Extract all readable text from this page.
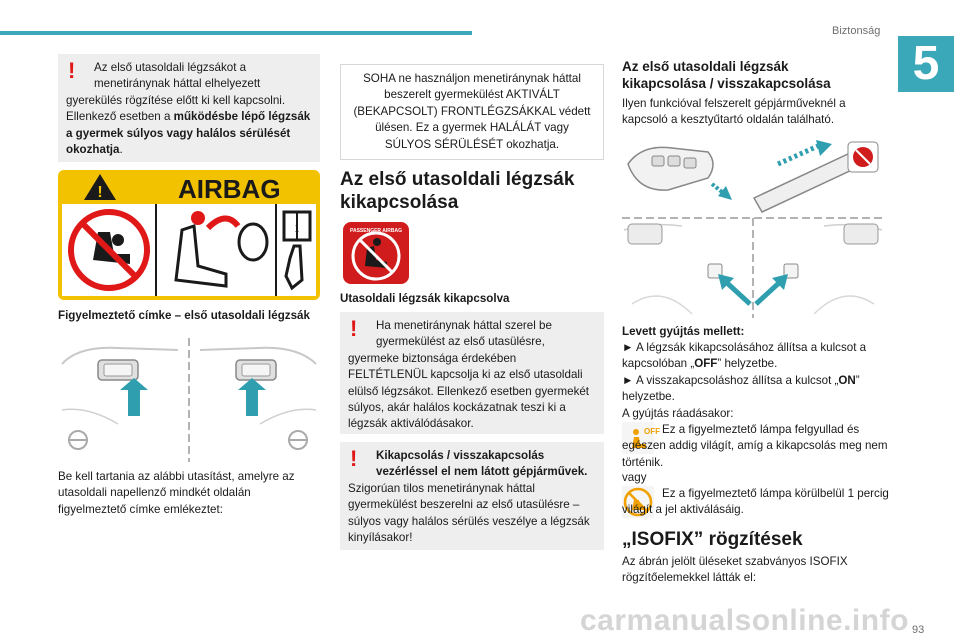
Biztonság
5
!	Az első utasoldali légzsákot a
menetiránynak háttal elhelyezett
gyerekülés rögzítése előtt ki kell kapcsolni. Ellenkező esetben a működésbe lépő légzsák a gyermek súlyos vagy halálos sérülését okozhatja.
!	AIRBAG
i
Figyelmeztető címke – első utasoldali légzsák
Be kell tartania az alábbi utasítást, amelyre az utasoldali napellenző mindkét oldalán figyelmeztető címke emlékeztet:
SOHA ne használjon menetiránynak háttal beszerelt gyermekülést AKTIVÁLT (BEKAPCSOLT) FRONTLÉGZSÁKKAL védett ülésen. Ez a gyermek HALÁLÁT vagy SÚLYOS SÉRÜLÉSÉT okozhatja.
Az első utasoldali légzsák kikapcsolása
PASSENGER AIRBAG
Utasoldali légzsák kikapcsolva
!	Ha menetiránynak háttal szerel be
gyermekülést az első utasülésre,
gyermeke biztonsága érdekében FELTÉTLENÜL kapcsolja ki az első utasoldali elülső légzsákot. Ellenkező esetben gyermekét súlyos, akár halálos kockázatnak teszi ki a légzsák aktiválódásakor.
!	Kikapcsolás / visszakapcsolás vezérléssel el nem látott gépjárművek.
Szigorúan tilos menetiránynak háttal gyermekülést beszerelni az első utasülésre – súlyos vagy halálos sérülés veszélye a légzsák kinyílásakor!
Az első utasoldali légzsák kikapcsolása / visszakapcsolása
Ilyen funkcióval felszerelt gépjárműveknél a kapcsoló a kesztyűtartó oldalán található.
Levett gyújtás mellett:
► A légzsák kikapcsolásához állítsa a kulcsot a kapcsolóban „OFF” helyzetbe.
► A visszakapcsoláshoz állítsa a kulcsot „ON” helyzetbe.
A gyújtás ráadásakor:
OFF Ez a figyelmeztető lámpa felgyullad és egészen addig világít, amíg a kikapcsolás meg nem történik.
vagy
Ez a figyelmeztető lámpa körülbelül 1 percig világít a jel aktiválásáig.
„ISOFIX” rögzítések
Az ábrán jelölt üléseket szabványos ISOFIX rögzítőelemekkel látták el:
carmanualsonline.info 93
